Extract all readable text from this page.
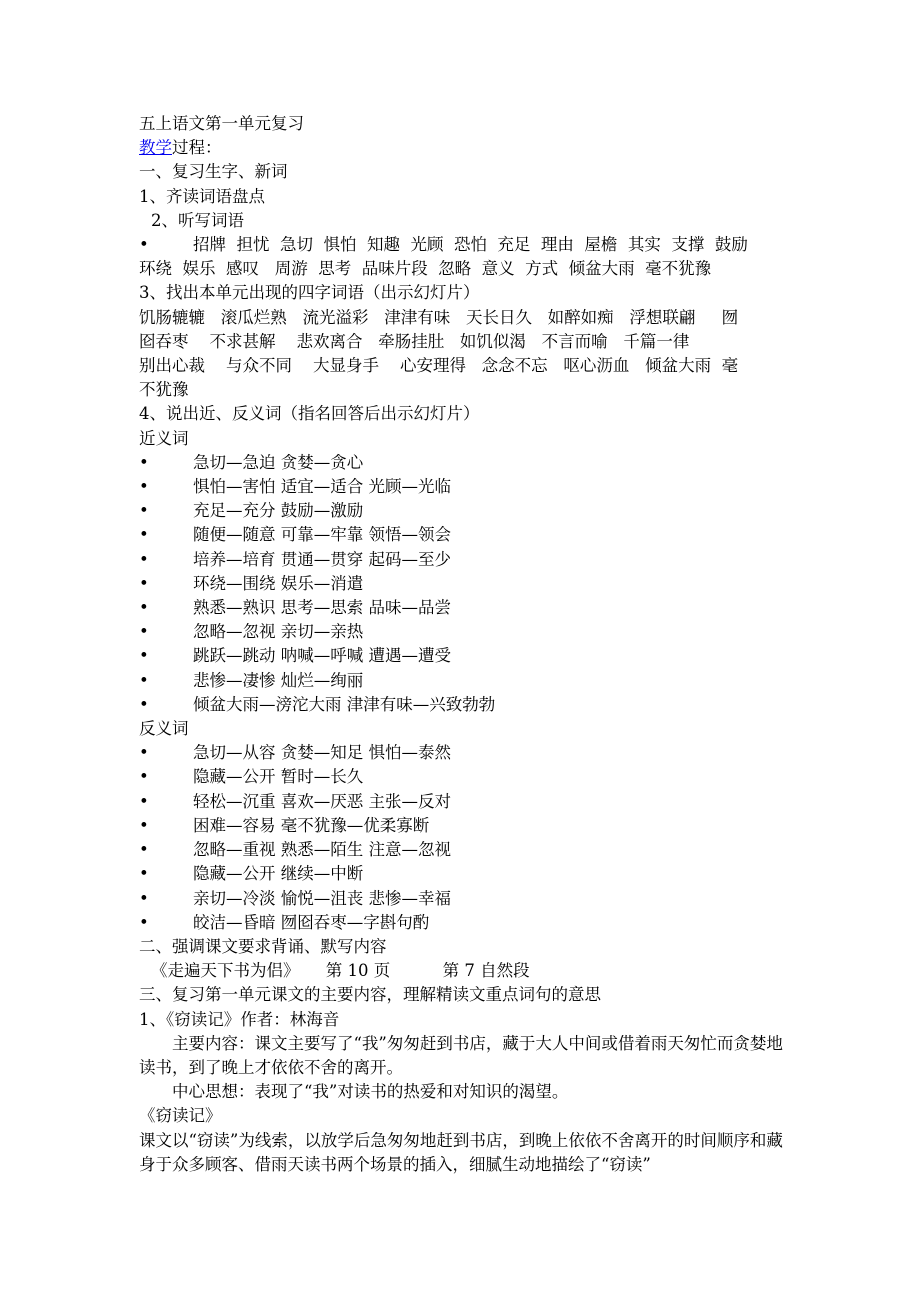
五上语文第一单元复习
教学过程：
一、复习生字、新词
1、齐读词语盘点
2、听写词语
•	招牌  担忧  急切  惧怕  知趣  光顾  恐怕  充足  理由  屋檐  其实  支撑  鼓励
环绕  娱乐  感叹   周游  思考  品味片段  忽略  意义  方式  倾盆大雨  毫不犹豫
3、找出本单元出现的四字词语（出示幻灯片）
饥肠辘辘   滚瓜烂熟   流光溢彩   津津有味   天长日久   如醉如痴   浮想联翩     囫
囵吞枣    不求甚解    悲欢离合   牵肠挂肚   如饥似渴   不言而喻   千篇一律
别出心裁    与众不同    大显身手    心安理得   念念不忘   呕心沥血   倾盆大雨  毫
不犹豫
4、说出近、反义词（指名回答后出示幻灯片）
近义词
•	急切—急迫 贪婪—贪心
•	惧怕—害怕 适宜—适合 光顾—光临
•	充足—充分 鼓励—激励
•	随便—随意 可靠—牢靠 领悟—领会
•	培养—培育 贯通—贯穿 起码—至少
•	环绕—围绕 娱乐—消遣
•	熟悉—熟识 思考—思索 品味—品尝
•	忽略—忽视 亲切—亲热
•	跳跃—跳动 呐喊—呼喊 遭遇—遭受
•	悲惨—凄惨 灿烂—绚丽
•	倾盆大雨—滂沱大雨 津津有味—兴致勃勃
反义词
•	急切—从容 贪婪—知足 惧怕—泰然
•	隐藏—公开 暂时—长久
•	轻松—沉重 喜欢—厌恶 主张—反对
•	困难—容易 毫不犹豫—优柔寡断
•	忽略—重视 熟悉—陌生 注意—忽视
•	隐藏—公开 继续—中断
•	亲切—冷淡 愉悦—沮丧 悲惨—幸福
•	皎洁—昏暗 囫囵吞枣—字斟句酌
二、强调课文要求背诵、默写内容
《走遍天下书为侣》     第 10 页          第 7 自然段
三、复习第一单元课文的主要内容，理解精读文重点词句的意思
1、《窃读记》作者：林海音
主要内容：课文主要写了“我”匆匆赶到书店，藏于大人中间或借着雨天匆忙而贪婪地读书，到了晚上才依依不舍的离开。
中心思想：表现了“我”对读书的热爱和对知识的渴望。
《窃读记》
课文以“窃读”为线索，以放学后急匆匆地赶到书店，到晚上依依不舍离开的时间顺序和藏身于众多顾客、借雨天读书两个场景的插入，细腻生动地描绘了“窃读”
